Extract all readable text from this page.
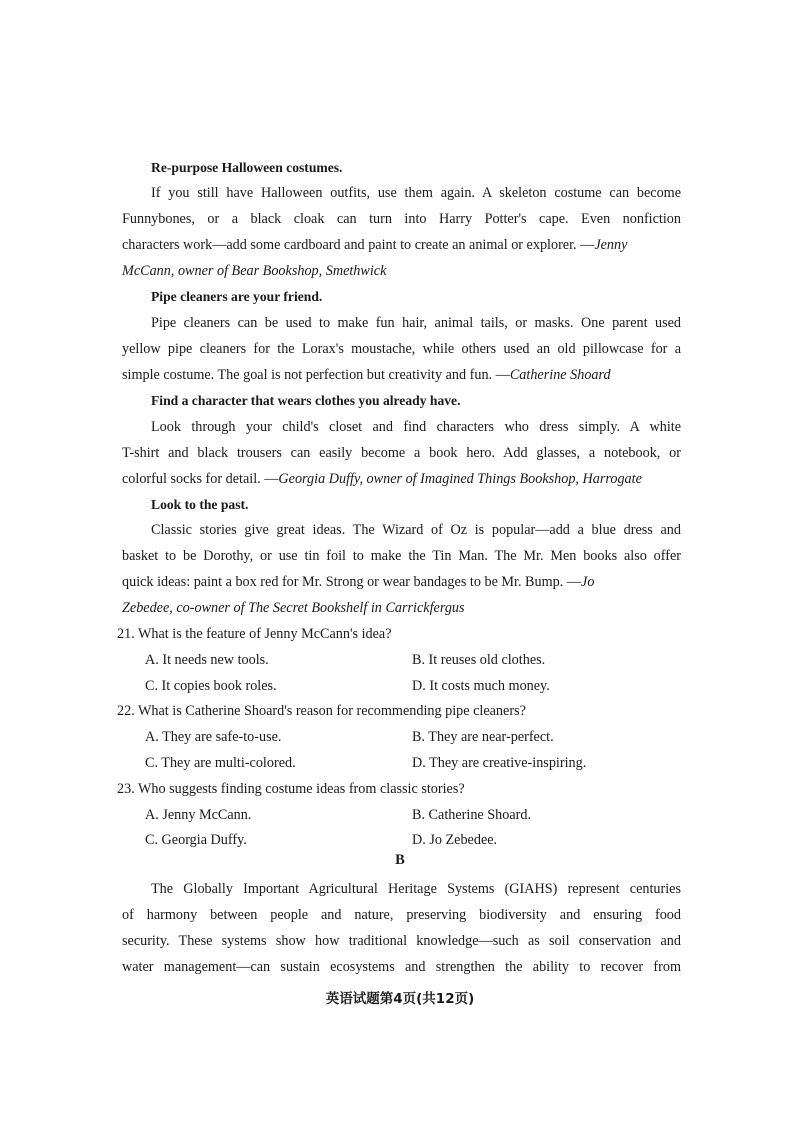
Re-purpose Halloween costumes.
If you still have Halloween outfits, use them again. A skeleton costume can become
Funnybones, or a black cloak can turn into Harry Potter's cape. Even nonfiction
characters work—add some cardboard and paint to create an animal or explorer. —Jenny
McCann, owner of Bear Bookshop, Smethwick
Pipe cleaners are your friend.
Pipe cleaners can be used to make fun hair, animal tails, or masks. One parent used
yellow pipe cleaners for the Lorax's moustache, while others used an old pillowcase for a
simple costume. The goal is not perfection but creativity and fun. —Catherine Shoard
Find a character that wears clothes you already have.
Look through your child's closet and find characters who dress simply. A white
T-shirt and black trousers can easily become a book hero. Add glasses, a notebook, or
colorful socks for detail. —Georgia Duffy, owner of Imagined Things Bookshop, Harrogate
Look to the past.
Classic stories give great ideas. The Wizard of Oz is popular—add a blue dress and
basket to be Dorothy, or use tin foil to make the Tin Man. The Mr. Men books also offer
quick ideas: paint a box red for Mr. Strong or wear bandages to be Mr. Bump. —Jo
Zebedee, co-owner of The Secret Bookshelf in Carrickfergus
21. What is the feature of Jenny McCann's idea?
A. It needs new tools.	B. It reuses old clothes.
C. It copies book roles.	D. It costs much money.
22. What is Catherine Shoard's reason for recommending pipe cleaners?
A. They are safe-to-use.	B. They are near-perfect.
C. They are multi-colored.	D. They are creative-inspiring.
23. Who suggests finding costume ideas from classic stories?
A. Jenny McCann.	B. Catherine Shoard.
C. Georgia Duffy.	D. Jo Zebedee.
B
The Globally Important Agricultural Heritage Systems (GIAHS) represent centuries
of harmony between people and nature, preserving biodiversity and ensuring food
security. These systems show how traditional knowledge—such as soil conservation and
water management—can sustain ecosystems and strengthen the ability to recover from
英语试题第4页(共12页)
